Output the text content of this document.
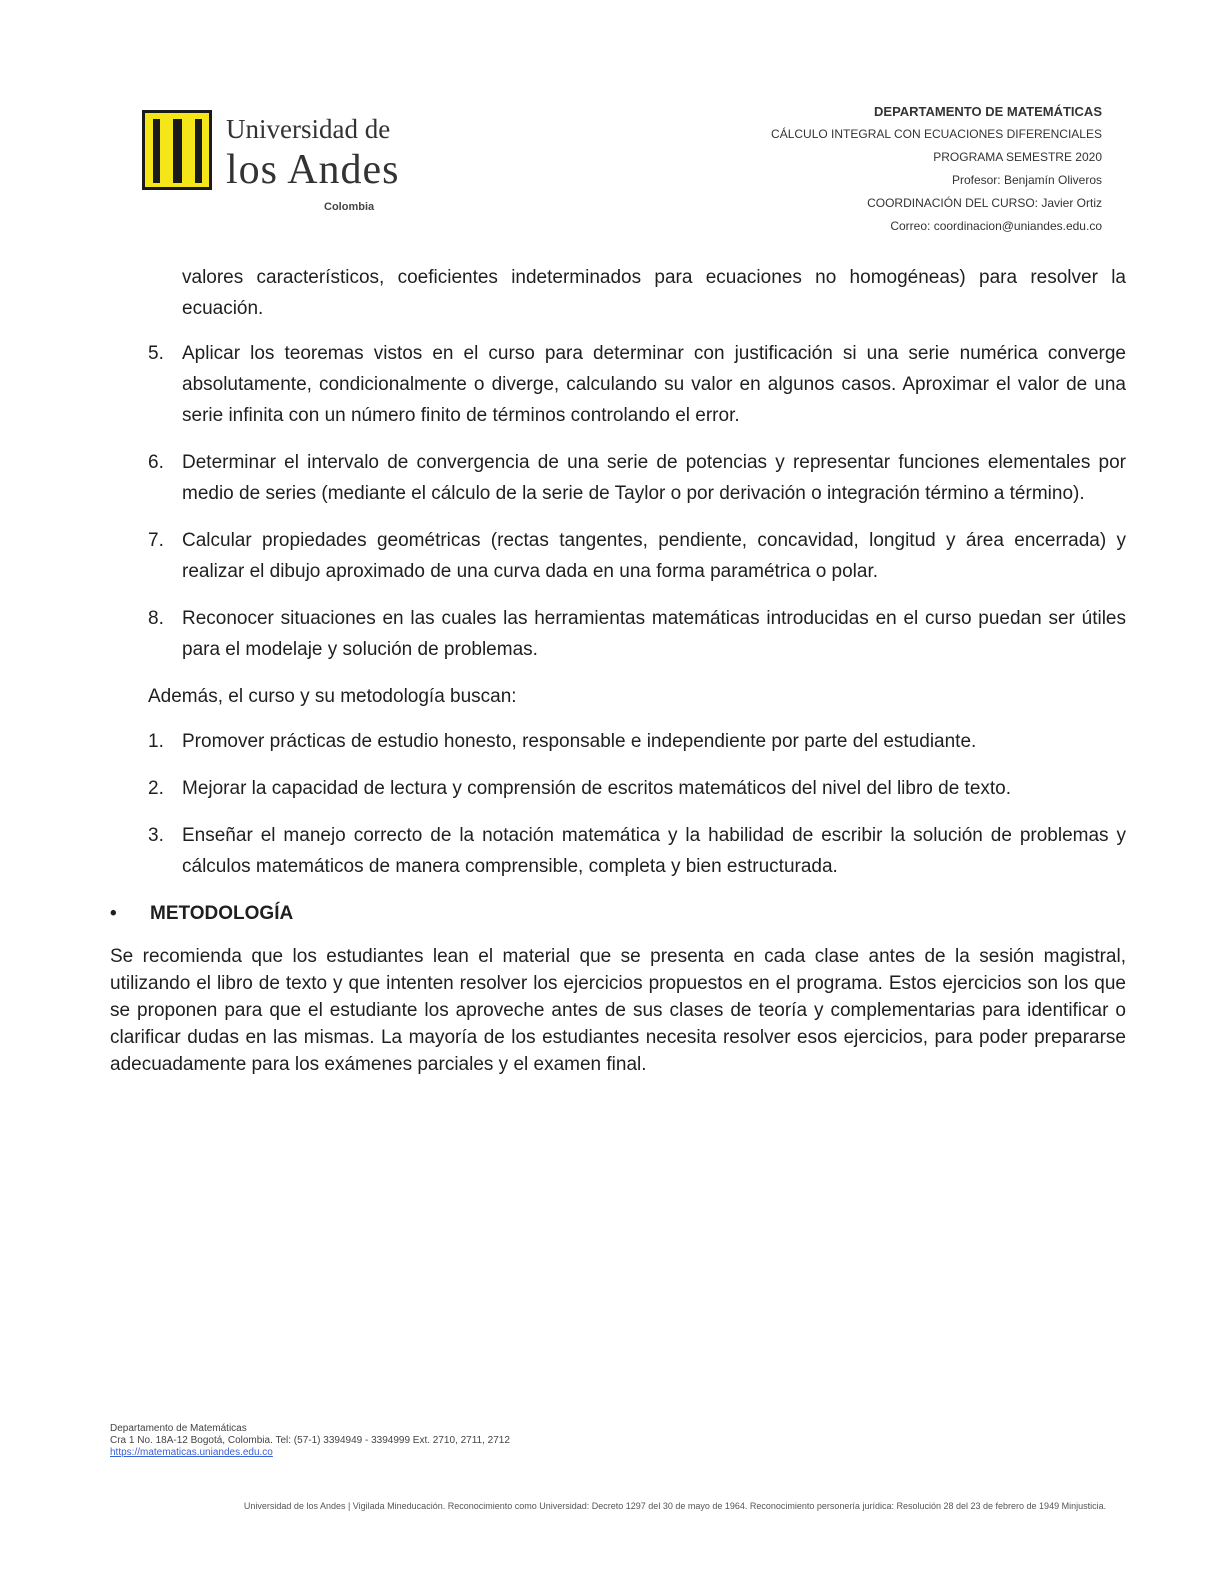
Universidad de
los Andes
Colombia
DEPARTAMENTO DE MATEMÁTICAS
CÁLCULO INTEGRAL CON ECUACIONES DIFERENCIALES
PROGRAMA SEMESTRE 2020
Profesor: Benjamín Oliveros
COORDINACIÓN DEL CURSO: Javier Ortiz
Correo: coordinacion@uniandes.edu.co

valores característicos, coeficientes indeterminados para ecuaciones no homogéneas) para resolver la ecuación.

5. Aplicar los teoremas vistos en el curso para determinar con justificación si una serie numérica converge absolutamente, condicionalmente o diverge, calculando su valor en algunos casos. Aproximar el valor de una serie infinita con un número finito de términos controlando el error.
6. Determinar el intervalo de convergencia de una serie de potencias y representar funciones elementales por medio de series (mediante el cálculo de la serie de Taylor o por derivación o integración término a término).
7. Calcular propiedades geométricas (rectas tangentes, pendiente, concavidad, longitud y área encerrada) y realizar el dibujo aproximado de una curva dada en una forma paramétrica o polar.
8. Reconocer situaciones en las cuales las herramientas matemáticas introducidas en el curso puedan ser útiles para el modelaje y solución de problemas.

Además, el curso y su metodología buscan:

1. Promover prácticas de estudio honesto, responsable e independiente por parte del estudiante.
2. Mejorar la capacidad de lectura y comprensión de escritos matemáticos del nivel del libro de texto.
3. Enseñar el manejo correcto de la notación matemática y la habilidad de escribir la solución de problemas y cálculos matemáticos de manera comprensible, completa y bien estructurada.
• METODOLOGÍA

Se recomienda que los estudiantes lean el material que se presenta en cada clase antes de la sesión magistral, utilizando el libro de texto y que intenten resolver los ejercicios propuestos en el programa. Estos ejercicios son los que se proponen para que el estudiante los aproveche antes de sus clases de teoría y complementarias para identificar o clarificar dudas en las mismas. La mayoría de los estudiantes necesita resolver esos ejercicios, para poder prepararse adecuadamente para los exámenes parciales y el examen final.

Departamento de Matemáticas
Cra 1 No. 18A-12 Bogotá, Colombia. Tel: (57-1) 3394949 - 3394999 Ext. 2710, 2711, 2712
https://matematicas.uniandes.edu.co
Universidad de los Andes | Vigilada Mineducación. Reconocimiento como Universidad: Decreto 1297 del 30 de mayo de 1964. Reconocimiento personería jurídica: Resolución 28 del 23 de febrero de 1949 Minjusticia.
